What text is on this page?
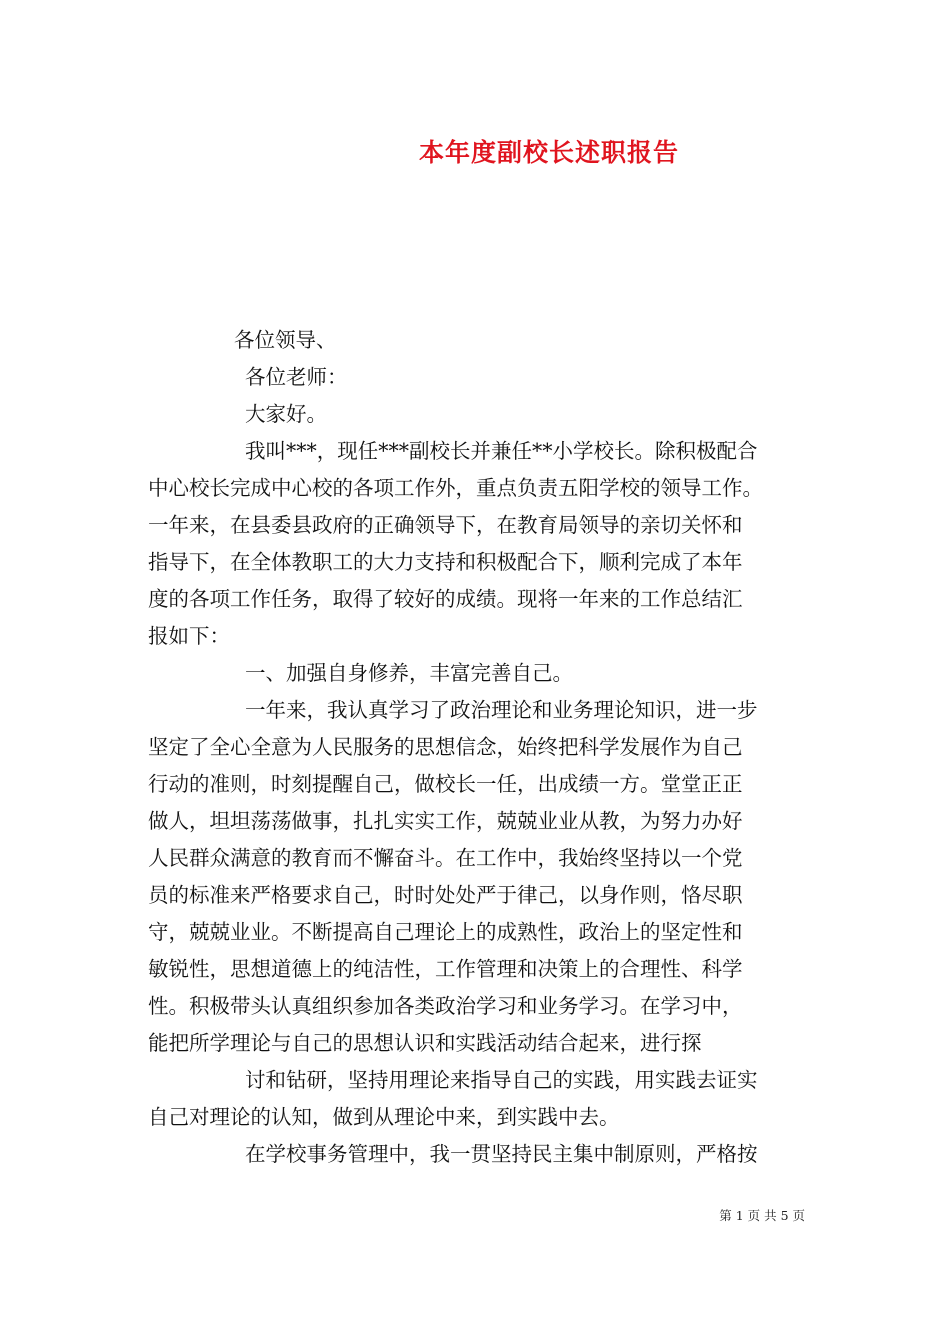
本年度副校长述职报告
各位领导、
各位老师：
大家好。
我叫***，现任***副校长并兼任**小学校长。除积极配合
中心校长完成中心校的各项工作外，重点负责五阳学校的领导工作。
一年来，在县委县政府的正确领导下，在教育局领导的亲切关怀和
指导下，在全体教职工的大力支持和积极配合下，顺利完成了本年
度的各项工作任务，取得了较好的成绩。现将一年来的工作总结汇
报如下：
一、加强自身修养，丰富完善自己。
一年来，我认真学习了政治理论和业务理论知识，进一步
坚定了全心全意为人民服务的思想信念，始终把科学发展作为自己
行动的准则，时刻提醒自己，做校长一任，出成绩一方。堂堂正正
做人，坦坦荡荡做事，扎扎实实工作，兢兢业业从教，为努力办好
人民群众满意的教育而不懈奋斗。在工作中，我始终坚持以一个党
员的标准来严格要求自己，时时处处严于律己，以身作则，恪尽职
守，兢兢业业。不断提高自己理论上的成熟性，政治上的坚定性和
敏锐性，思想道德上的纯洁性，工作管理和决策上的合理性、科学
性。积极带头认真组织参加各类政治学习和业务学习。在学习中，
能把所学理论与自己的思想认识和实践活动结合起来，进行探
讨和钻研，坚持用理论来指导自己的实践，用实践去证实
自己对理论的认知，做到从理论中来，到实践中去。
在学校事务管理中，我一贯坚持民主集中制原则，严格按
第 1 页 共 5 页
